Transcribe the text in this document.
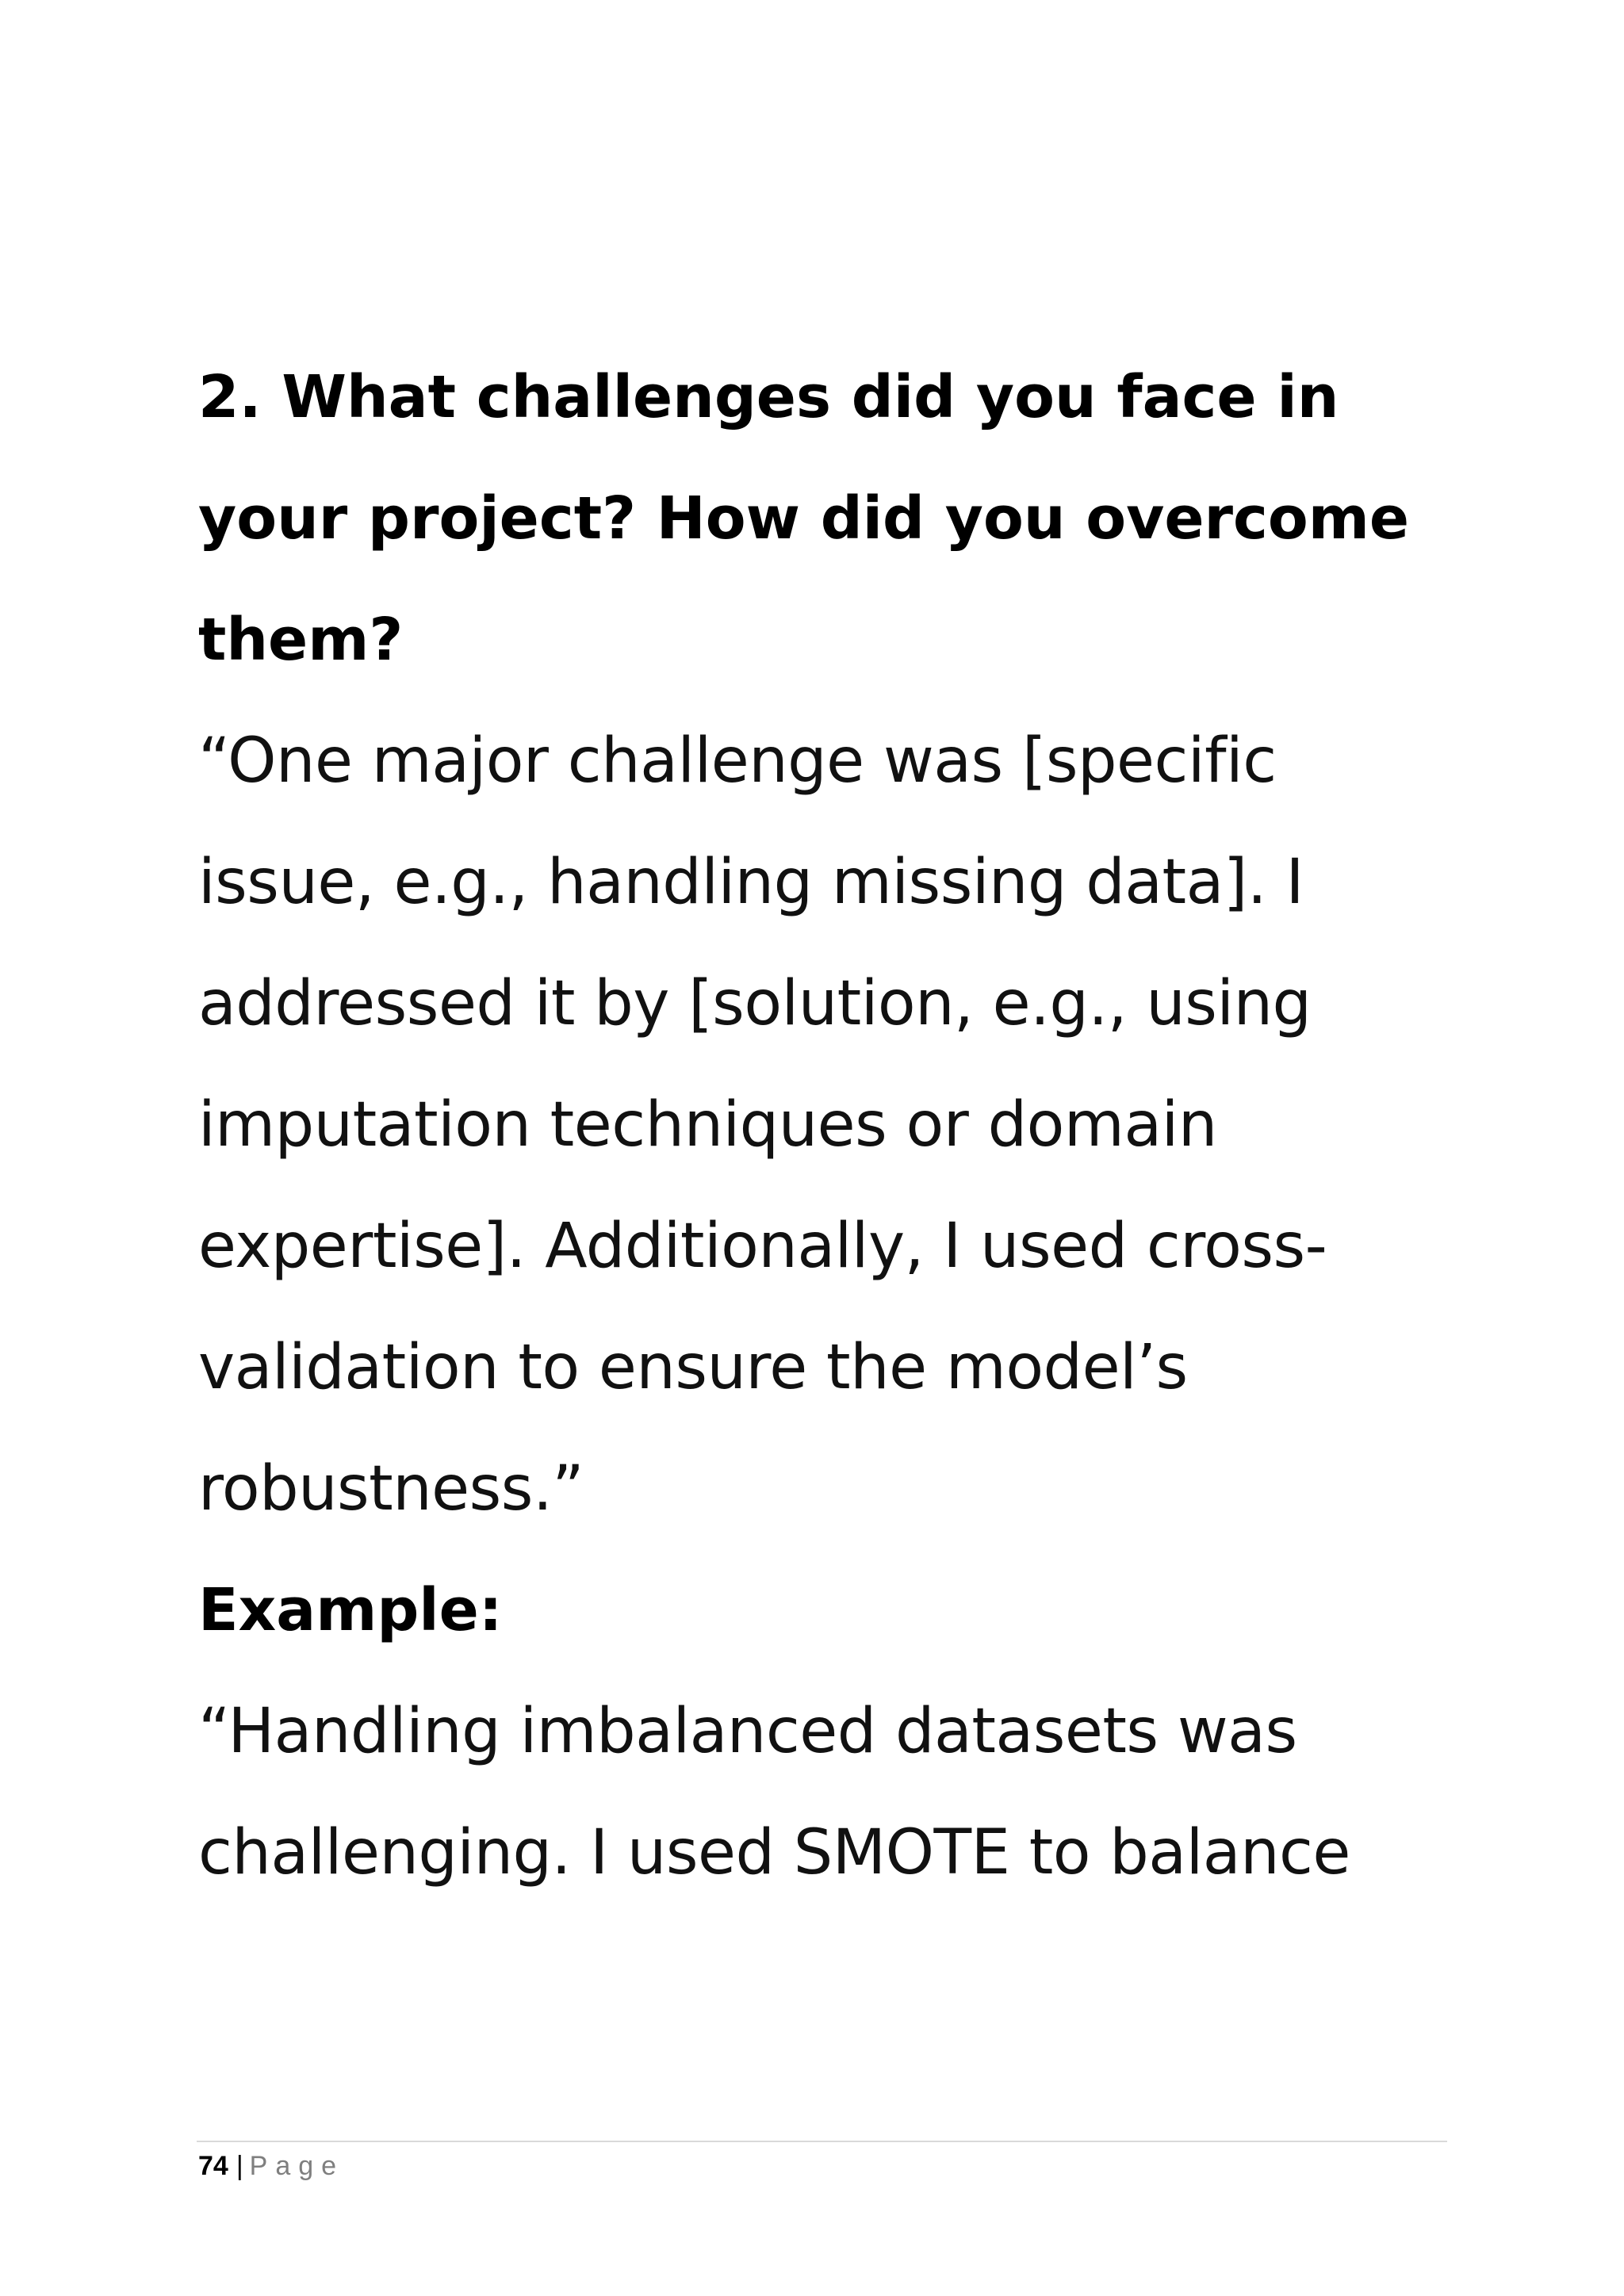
2. What challenges did you face in
your project? How did you overcome
them?

“One major challenge was [specific
issue, e.g., handling missing data]. I
addressed it by [solution, e.g., using
imputation techniques or domain
expertise]. Additionally, I used cross-
validation to ensure the model’s
robustness.”

Example:

“Handling imbalanced datasets was
challenging. I used SMOTE to balance

74 | Page
